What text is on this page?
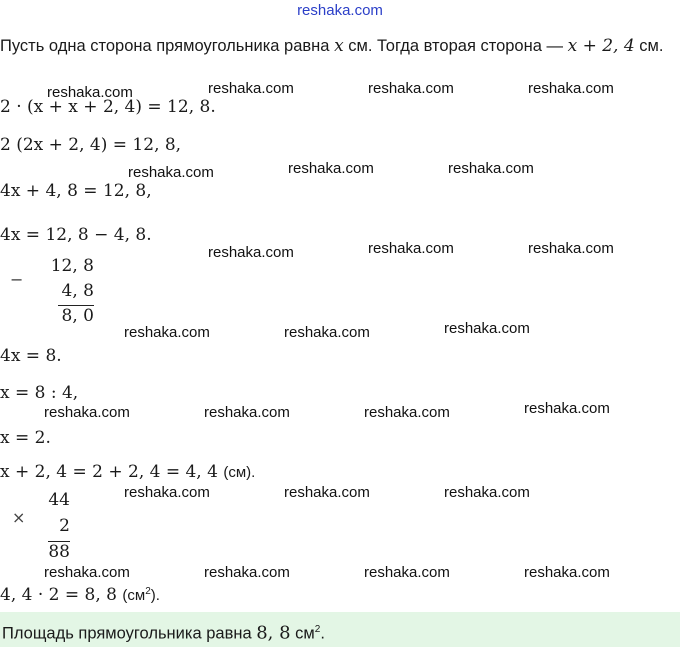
reshaka.com
Пусть одна сторона прямоугольника равна x см. Тогда вторая сторона — x + 2, 4 см.
2 · (x + x + 2, 4) = 12, 8.
2 (2x + 2, 4) = 12, 8,
4x + 4, 8 = 12, 8,
4x = 12, 8 − 4, 8.
−
12, 8
4, 8
8, 0
4x = 8.
x = 8 : 4,
x = 2.
x + 2, 4 = 2 + 2, 4 = 4, 4 (см).
×
44
2
88
4, 4 · 2 = 8, 8 $(см^2)$.
Площадь прямоугольника равна 8, 8 $см^2$.
reshaka.com	reshaka.com	reshaka.com	reshaka.com
reshaka.com	reshaka.com	reshaka.com
reshaka.com	reshaka.com	reshaka.com
reshaka.com	reshaka.com	reshaka.com
reshaka.com	reshaka.com	reshaka.com	reshaka.com
reshaka.com	reshaka.com	reshaka.com
reshaka.com	reshaka.com	reshaka.com	reshaka.com
